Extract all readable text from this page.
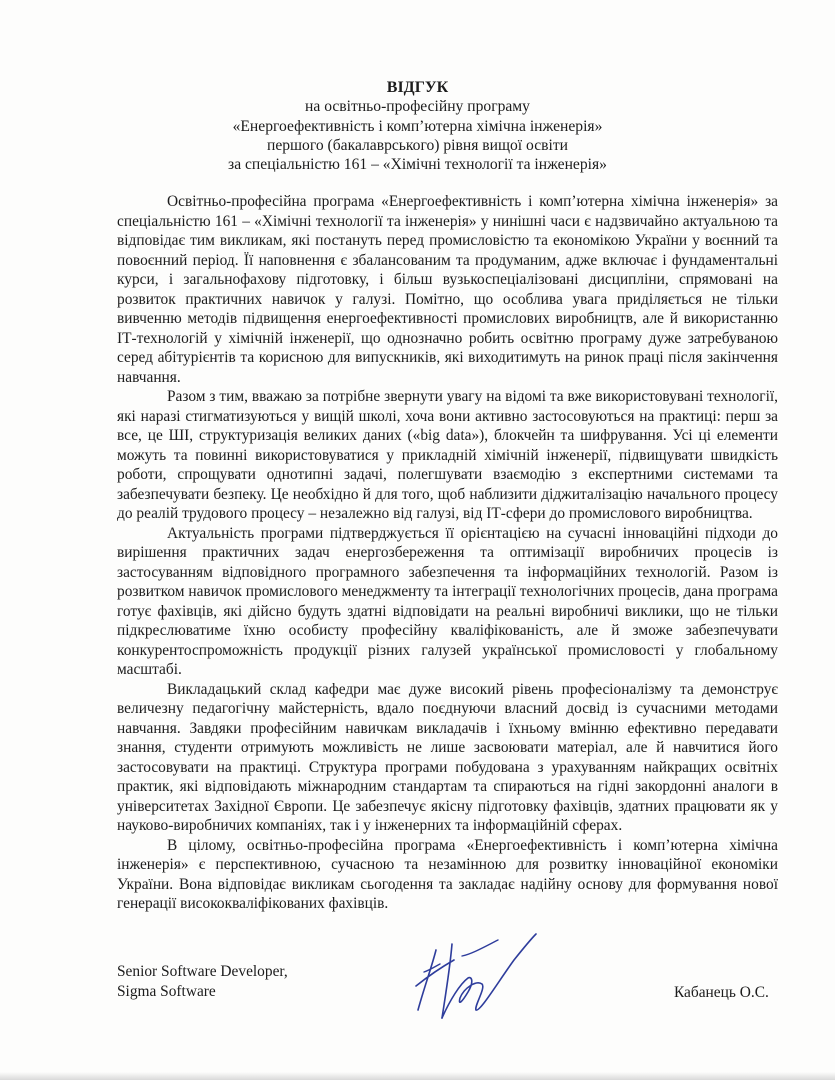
ВІДГУК
на освітньо-професійну програму
«Енергоефективність і комп’ютерна хімічна інженерія»
першого (бакалаврського) рівня вищої освіти
за спеціальністю 161 – «Хімічні технології та інженерія»

Освітньо-професійна програма «Енергоефективність і комп’ютерна хімічна інженерія» за спеціальністю 161 – «Хімічні технології та інженерія» у нинішні часи є надзвичайно актуальною та відповідає тим викликам, які постануть перед промисловістю та економікою України у воєнний та повоєнний період. Її наповнення є збалансованим та продуманим, адже включає і фундаментальні курси, і загальнофахову підготовку, і більш вузькоспеціалізовані дисципліни, спрямовані на розвиток практичних навичок у галузі. Помітно, що особлива увага приділяється не тільки вивченню методів підвищення енергоефективності промислових виробництв, але й використанню ІТ-технологій у хімічній інженерії, що однозначно робить освітню програму дуже затребуваною серед абітурієнтів та корисною для випускників, які виходитимуть на ринок праці після закінчення навчання.

Разом з тим, вважаю за потрібне звернути увагу на відомі та вже використовувані технології, які наразі стигматизуються у вищій школі, хоча вони активно застосовуються на практиці: перш за все, це ШІ, структуризація великих даних («big data»), блокчейн та шифрування. Усі ці елементи можуть та повинні використовуватися у прикладній хімічній інженерії, підвищувати швидкість роботи, спрощувати однотипні задачі, полегшувати взаємодію з експертними системами та забезпечувати безпеку. Це необхідно й для того, щоб наблизити діджиталізацію начального процесу до реалій трудового процесу – незалежно від галузі, від ІТ-сфери до промислового виробництва.

Актуальність програми підтверджується її орієнтацією на сучасні інноваційні підходи до вирішення практичних задач енергозбереження та оптимізації виробничих процесів із застосуванням відповідного програмного забезпечення та інформаційних технологій. Разом із розвитком навичок промислового менеджменту та інтеграції технологічних процесів, дана програма готує фахівців, які дійсно будуть здатні відповідати на реальні виробничі виклики, що не тільки підкреслюватиме їхню особисту професійну кваліфікованість, але й зможе забезпечувати конкурентоспроможність продукції різних галузей української промисловості у глобальному масштабі.

Викладацький склад кафедри має дуже високий рівень професіоналізму та демонструє величезну педагогічну майстерність, вдало поєднуючи власний досвід із сучасними методами навчання. Завдяки професійним навичкам викладачів і їхньому вмінню ефективно передавати знання, студенти отримують можливість не лише засвоювати матеріал, але й навчитися його застосовувати на практиці. Структура програми побудована з урахуванням найкращих освітніх практик, які відповідають міжнародним стандартам та спираються на гідні закордонні аналоги в університетах Західної Європи. Це забезпечує якісну підготовку фахівців, здатних працювати як у науково-виробничих компаніях, так і у інженерних та інформаційній сферах.

В цілому, освітньо-професійна програма «Енергоефективність і комп’ютерна хімічна інженерія» є перспективною, сучасною та незамінною для розвитку інноваційної економіки України. Вона відповідає викликам сьогодення та закладає надійну основу для формування нової генерації висококваліфікованих фахівців.

Senior Software Developer,
Sigma Software	Кабанець О.С.
